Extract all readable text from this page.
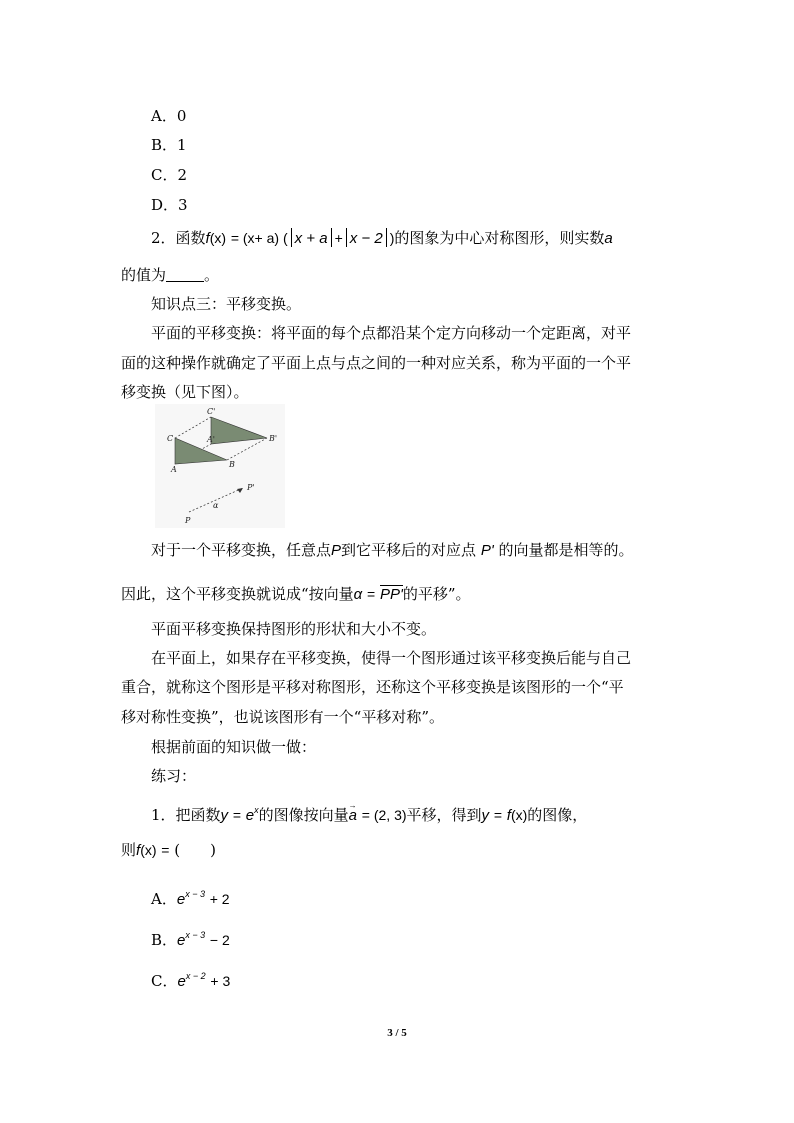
A．0
B．1
C．2
D．3
2．函数f(x) = (x+ a) ( x + a + x − 2 )的图象为中心对称图形，则实数a
的值为	。
知识点三：平移变换。
平面的平移变换：将平面的每个点都沿某个定方向移动一个定距离，对平
面的这种操作就确定了平面上点与点之间的一种对应关系，称为平面的一个平
移变换（见下图）。
C'
C	A'	B'
A
B
P'
α
P
对于一个平移变换，任意点P到它平移后的对应点 P' 的向量都是相等的。
因此，这个平移变换就说成“按向量α = PP'的平移”。
平面平移变换保持图形的形状和大小不变。
在平面上，如果存在平移变换，使得一个图形通过该平移变换后能与自己
重合，就称这个图形是平移对称图形，还称这个平移变换是该图形的一个“平
移对称性变换”，也说该图形有一个“平移对称”。
根据前面的知识做一做：
练习：
1．把函数$y = e^x$的图像按向量→ a = (2, 3)平移，得到y = f(x)的图像，
则f(x) = (　　)
A．$e^{x - 3} + 2$
B．$e^{x - 3} - 2$
C．$e^{x - 2} + 3$
3 / 5
